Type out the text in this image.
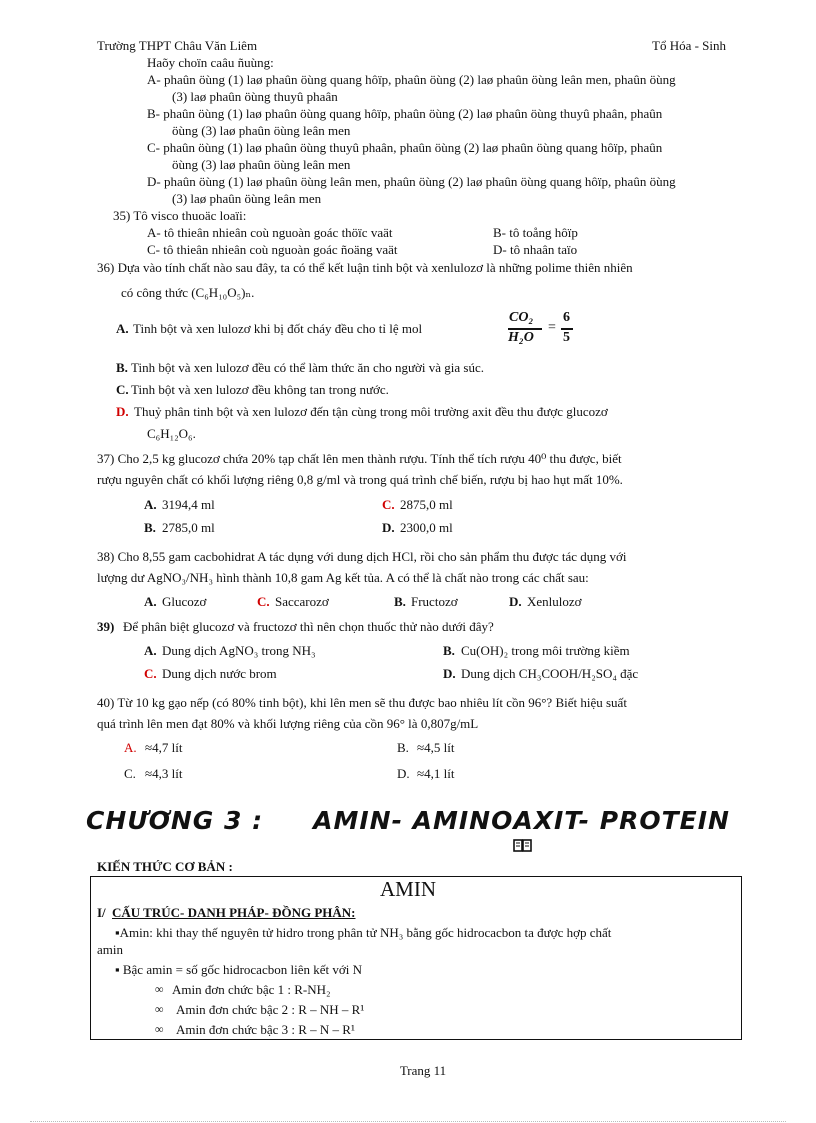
Trường THPT Châu Văn Liêm	Tổ Hóa - Sinh
Haõy choïn caâu ñuùng:
A- phaûn öùng (1) laø phaûn öùng quang hôïp, phaûn öùng (2) laø phaûn öùng leân men, phaûn öùng
(3) laø phaûn öùng thuyû phaân
B- phaûn öùng (1) laø phaûn öùng quang hôïp, phaûn öùng (2) laø phaûn öùng thuyû phaân, phaûn
öùng (3) laø phaûn öùng leân men
C- phaûn öùng (1) laø phaûn öùng thuyû phaân, phaûn öùng (2) laø phaûn öùng quang hôïp, phaûn
öùng (3) laø phaûn öùng leân men
D- phaûn öùng (1) laø phaûn öùng leân men, phaûn öùng (2) laø phaûn öùng quang hôïp, phaûn öùng
(3) laø phaûn öùng leân men
35) Tô visco thuoäc loaïi:
A- tô thieân nhieân coù nguoàn goác thöïc vaät	B- tô toång hôïp
C- tô thieân nhieân coù nguoàn goác ñoäng vaät	D- tô nhaân taïo
36) Dựa vào tính chất nào sau đây, ta có thể kết luận tinh bột và xenlulozơ là những polime thiên nhiên
có công thức (C₆H₁₀O₅)ₙ.
A. Tinh bột và xen lulozơ khi bị đốt cháy đều cho tỉ lệ mol
CO₂
H₂O
=
6
5
B. Tinh bột và xen lulozơ đều có thể làm thức ăn cho người và gia súc.
C. Tinh bột và xen lulozơ đều không tan trong nước.
D. Thuỷ phân tinh bột và xen lulozơ đến tận cùng trong môi trường axit đều thu được glucozơ
C₆H₁₂O₆.
37) Cho 2,5 kg glucozơ chứa 20% tạp chất lên men thành rượu. Tính thể tích rượu 40⁰ thu được, biết
rượu nguyên chất có khối lượng riêng 0,8 g/ml và trong quá trình chế biến, rượu bị hao hụt mất 10%.
A. 3194,4 ml	C. 2875,0 ml
B. 2785,0 ml	D. 2300,0 ml
38) Cho 8,55 gam cacbohidrat A tác dụng với dung dịch HCl, rồi cho sản phẩm thu được tác dụng với
lượng dư AgNO₃/NH₃ hình thành 10,8 gam Ag kết tủa. A có thể là chất nào trong các chất sau:
A. Glucozơ	C. Saccarozơ	B. Fructozơ	D. Xenlulozơ
39) Để phân biệt glucozơ và fructozơ thì nên chọn thuốc thử nào dưới đây?
A. Dung dịch AgNO₃ trong NH₃	B. Cu(OH)₂ trong môi trường kiềm
C. Dung dịch nước brom	D. Dung dịch CH₃COOH/H₂SO₄ đặc
40) Từ 10 kg gạo nếp (có 80% tinh bột), khi lên men sẽ thu được bao nhiêu lít cồn 96°? Biết hiệu suất
quá trình lên men đạt 80% và khối lượng riêng của cồn 96° là 0,807g/mL
A. ≈4,7 lít	B. ≈4,5 lít
C. ≈4,3 lít	D. ≈4,1 lít
CHƯƠNG 3 : AMIN- AMINOAXIT- PROTEIN
KIẾN THỨC CƠ BẢN :
AMIN
I/ CẤU TRÚC- DANH PHÁP- ĐỒNG PHÂN:
▪Amin: khi thay thế nguyên tử hidro trong phân tử NH₃ bằng gốc hidrocacbon ta được hợp chất
amin
▪ Bậc amin = số gốc hidrocacbon liên kết với N
∞ Amin đơn chức bậc 1 : R-NH₂
∞ Amin đơn chức bậc 2 : R – NH – R¹
∞ Amin đơn chức bậc 3 : R – N – R¹
Trang 11
